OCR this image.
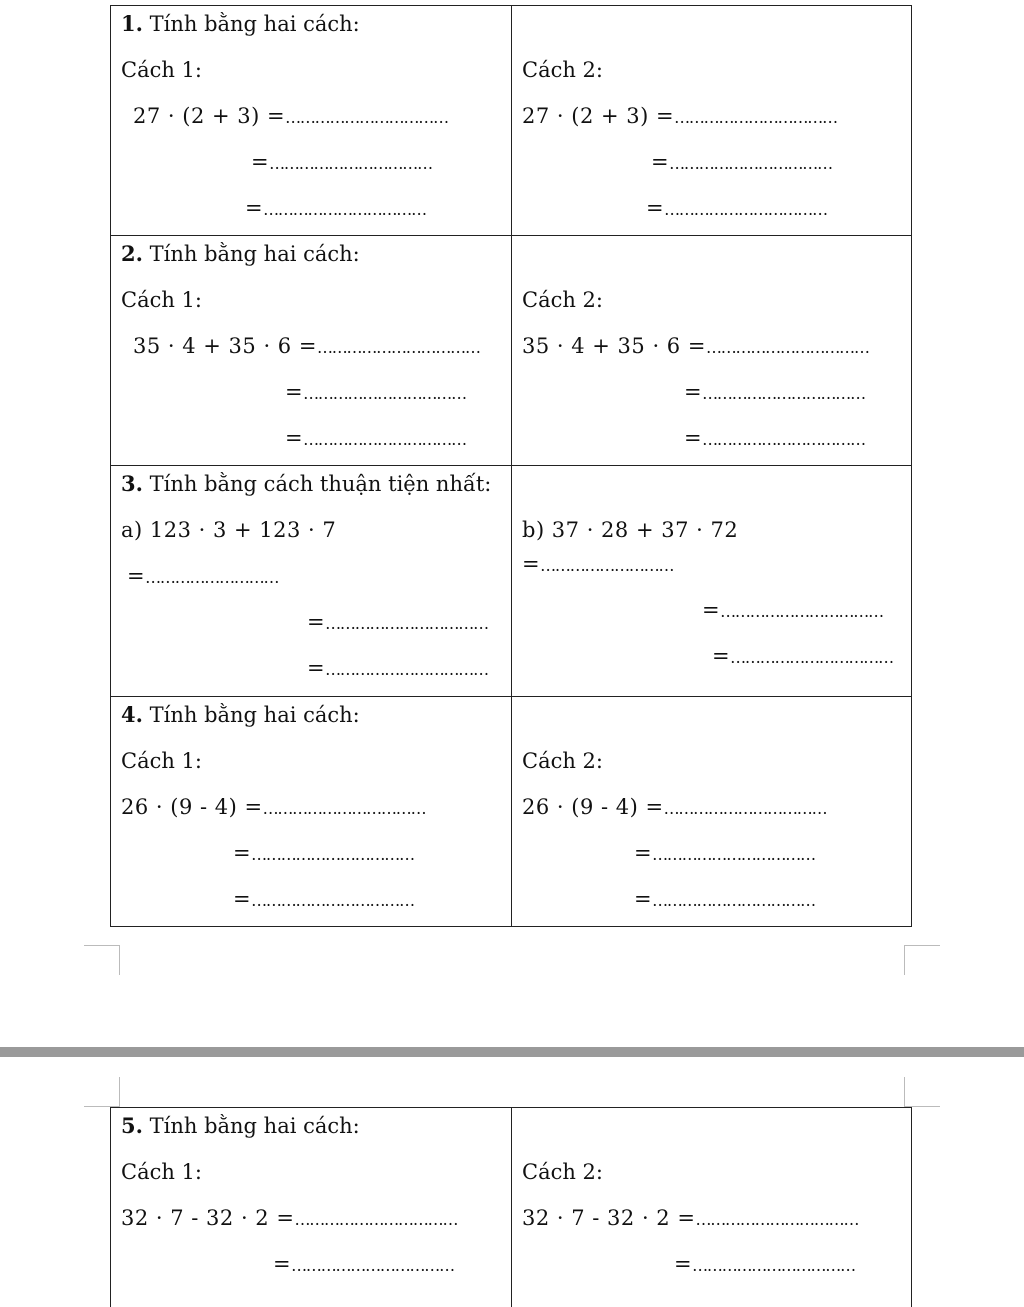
1. Tính bằng hai cách:
Cách 1:
27 · (2 + 3) =……………………………
=……………………………
=……………………………
Cách 2:
27 · (2 + 3) =……………………………
=……………………………
=……………………………
2. Tính bằng hai cách:
Cách 1:
35 · 4 + 35 · 6 =……………………………
=……………………………
=……………………………
Cách 2:
35 · 4 + 35 · 6 =……………………………
=……………………………
=……………………………
3. Tính bằng cách thuận tiện nhất:
a) 123 · 3 + 123 · 7
=………………………
=……………………………
=……………………………
b) 37 · 28 + 37 · 72
=………………………
=……………………………
=……………………………
4. Tính bằng hai cách:
Cách 1:
26 · (9 - 4) =……………………………
=……………………………
=……………………………
Cách 2:
26 · (9 - 4) =……………………………
=……………………………
=……………………………
5. Tính bằng hai cách:
Cách 1:
32 · 7 - 32 · 2 =……………………………
=……………………………
Cách 2:
32 · 7 - 32 · 2 =……………………………
=……………………………
